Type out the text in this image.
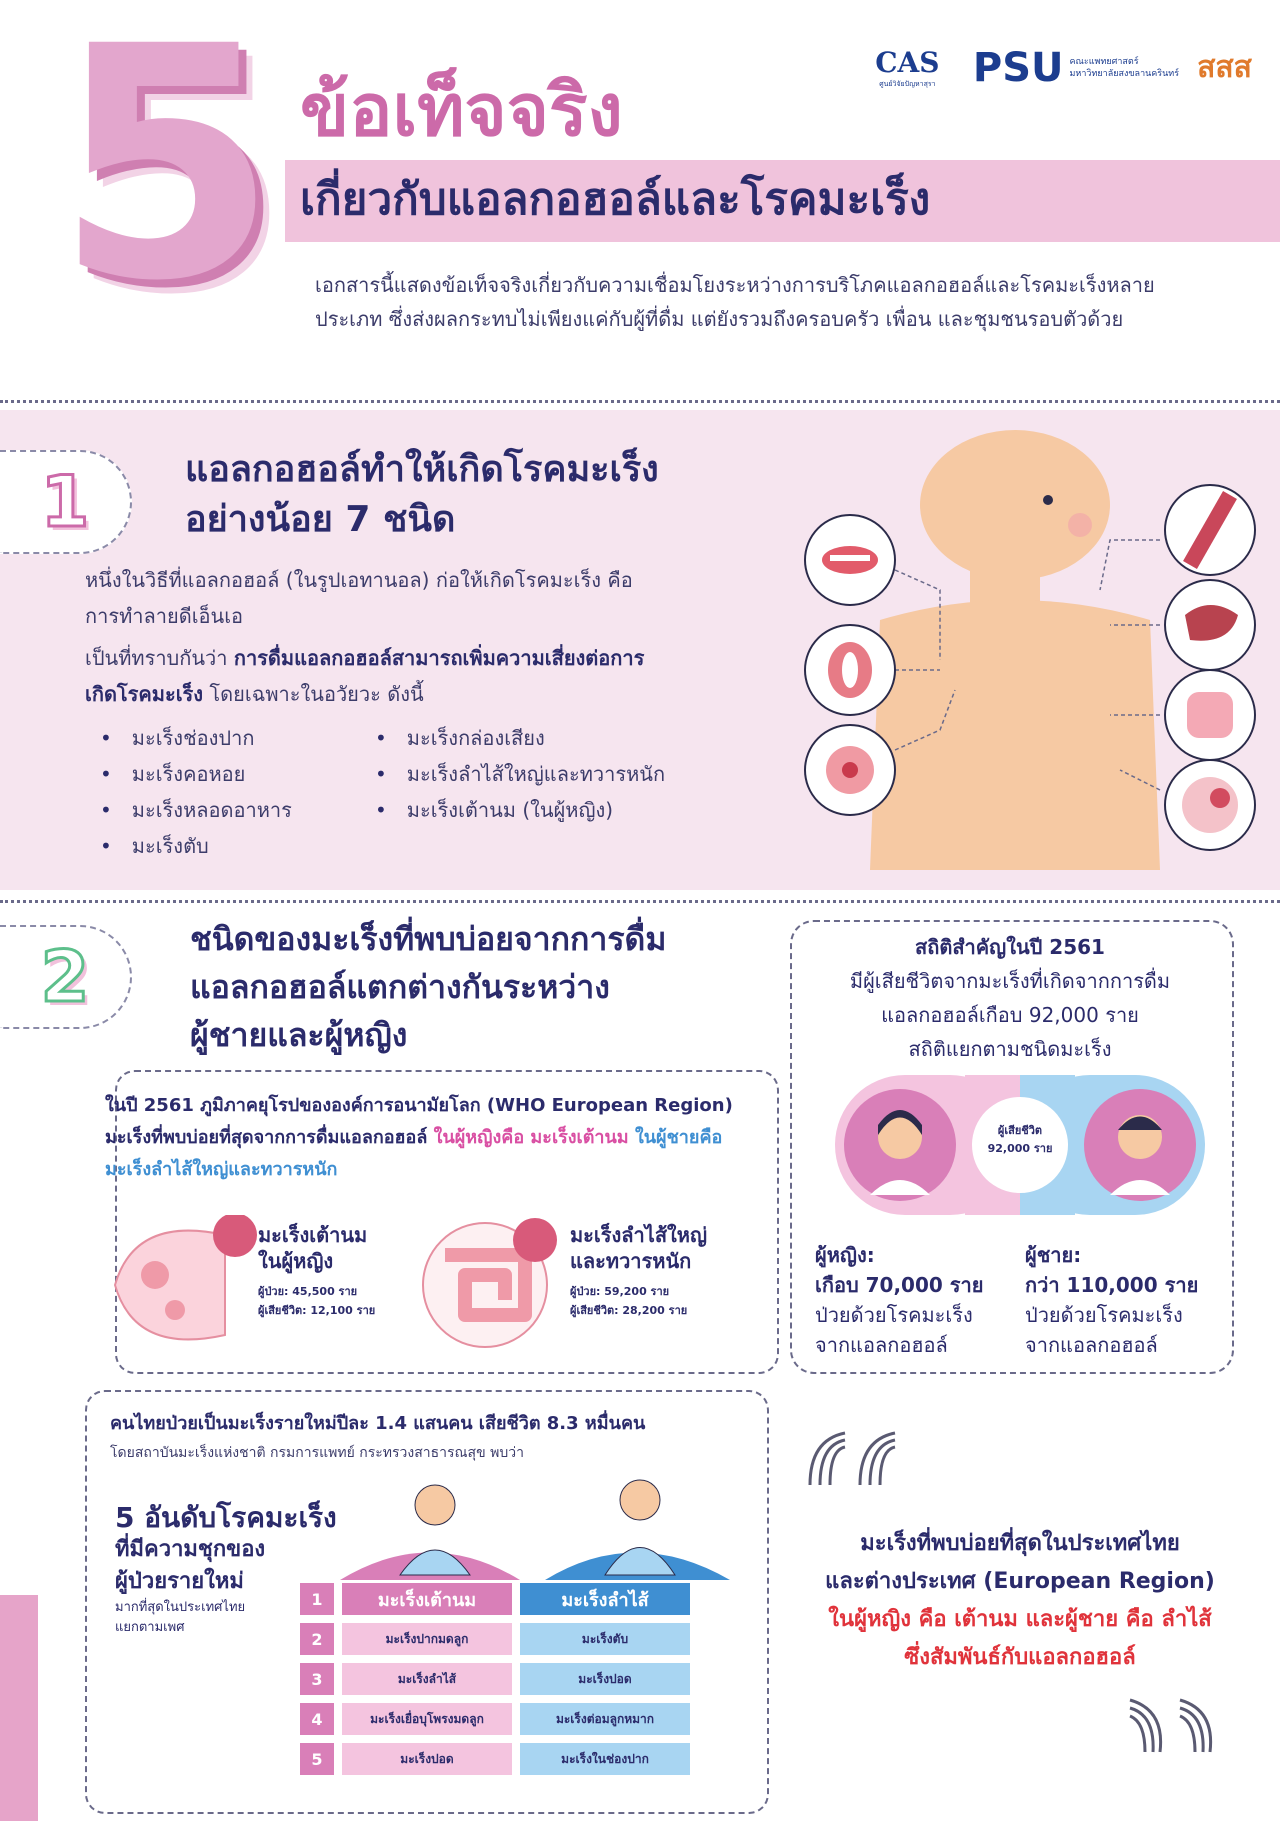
5 ข้อเท็จจริง
เกี่ยวกับแอลกอฮอล์และโรคมะเร็ง
เอกสารนี้แสดงข้อเท็จจริงเกี่ยวกับความเชื่อมโยงระหว่างการบริโภคแอลกอฮอล์และโรคมะเร็งหลายประเภท ซึ่งส่งผลกระทบไม่เพียงแค่กับผู้ที่ดื่ม แต่ยังรวมถึงครอบครัว เพื่อน และชุมชนรอบตัวด้วย
CAS
ศูนย์วิจัยปัญหาสุรา PSU คณะแพทยศาสตร์
มหาวิทยาลัยสงขลานครินทร์ สสส
1	แอลกอฮอล์ทำให้เกิดโรคมะเร็ง
อย่างน้อย 7 ชนิด
หนึ่งในวิธีที่แอลกอฮอล์ (ในรูปเอทานอล) ก่อให้เกิดโรคมะเร็ง คือ การทำลายดีเอ็นเอ
เป็นที่ทราบกันว่า การดื่มแอลกอฮอล์สามารถเพิ่มความเสี่ยงต่อการเกิดโรคมะเร็ง โดยเฉพาะในอวัยวะ ดังนี้
• มะเร็งช่องปาก
• มะเร็งคอหอย
• มะเร็งหลอดอาหาร
• มะเร็งตับ
• มะเร็งกล่องเสียง
• มะเร็งลำไส้ใหญ่และทวารหนัก
• มะเร็งเต้านม (ในผู้หญิง)
2	ชนิดของมะเร็งที่พบบ่อยจากการดื่ม
แอลกอฮอล์แตกต่างกันระหว่าง
ผู้ชายและผู้หญิง
ในปี 2561 ภูมิภาคยุโรปขององค์การอนามัยโลก (WHO European Region) มะเร็งที่พบบ่อยที่สุดจากการดื่มแอลกอฮอล์ ในผู้หญิงคือ มะเร็งเต้านม ในผู้ชายคือ มะเร็งลำไส้ใหญ่และทวารหนัก
มะเร็งเต้านม
ในผู้หญิง
ผู้ป่วย: 45,500 ราย
ผู้เสียชีวิต: 12,100 ราย
มะเร็งลำไส้ใหญ่
และทวารหนัก
ผู้ป่วย: 59,200 ราย
ผู้เสียชีวิต: 28,200 ราย
สถิติสำคัญในปี 2561
มีผู้เสียชีวิตจากมะเร็งที่เกิดจากการดื่ม
แอลกอฮอล์เกือบ 92,000 ราย
สถิติแยกตามชนิดมะเร็ง
ผู้เสียชีวิต
92,000 ราย
ผู้หญิง:
เกือบ 70,000 ราย
ป่วยด้วยโรคมะเร็ง
จากแอลกอฮอล์
ผู้ชาย:
กว่า 110,000 ราย
ป่วยด้วยโรคมะเร็ง
จากแอลกอฮอล์
คนไทยป่วยเป็นมะเร็งรายใหม่ปีละ 1.4 แสนคน เสียชีวิต 8.3 หมื่นคน
โดยสถาบันมะเร็งแห่งชาติ กรมการแพทย์ กระทรวงสาธารณสุข พบว่า
5 อันดับโรคมะเร็ง
ที่มีความชุกของ
ผู้ป่วยรายใหม่
มากที่สุดในประเทศไทย
แยกตามเพศ
1	มะเร็งเต้านม	มะเร็งลำไส้
2	มะเร็งปากมดลูก	มะเร็งตับ
3	มะเร็งลำไส้	มะเร็งปอด
4	มะเร็งเยื่อบุโพรงมดลูก	มะเร็งต่อมลูกหมาก
5	มะเร็งปอด	มะเร็งในช่องปาก
มะเร็งที่พบบ่อยที่สุดในประเทศไทย
และต่างประเทศ (European Region)
ในผู้หญิง คือ เต้านม และผู้ชาย คือ ลำไส้
ซึ่งสัมพันธ์กับแอลกอฮอล์
